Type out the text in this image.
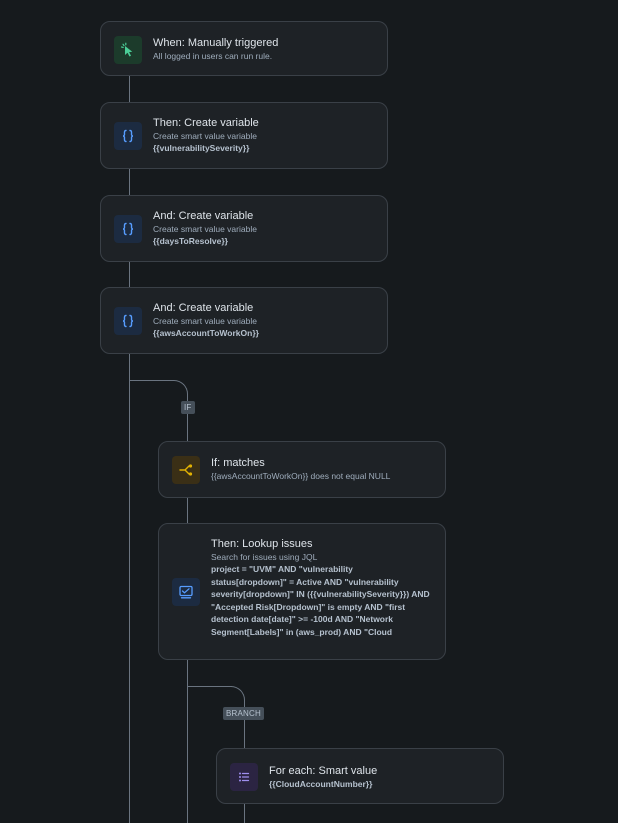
When: Manually triggered
All logged in users can run rule.
Then: Create variable
Create smart value variable
{{vulnerabilitySeverity}}
And: Create variable
Create smart value variable
{{daysToResolve}}
And: Create variable
Create smart value variable
{{awsAccountToWorkOn}}
IF
If: matches
{{awsAccountToWorkOn}} does not equal NULL
Then: Lookup issues
Search for issues using JQL
project = "UVM" AND "vulnerability status[dropdown]" = Active AND "vulnerability severity[dropdown]" IN ({{vulnerabilitySeverity}}) AND "Accepted Risk[Dropdown]" is empty AND "first detection date[date]" >= -100d AND "Network Segment[Labels]" in (aws_prod) AND "Cloud
BRANCH
For each: Smart value
{{CloudAccountNumber}}
